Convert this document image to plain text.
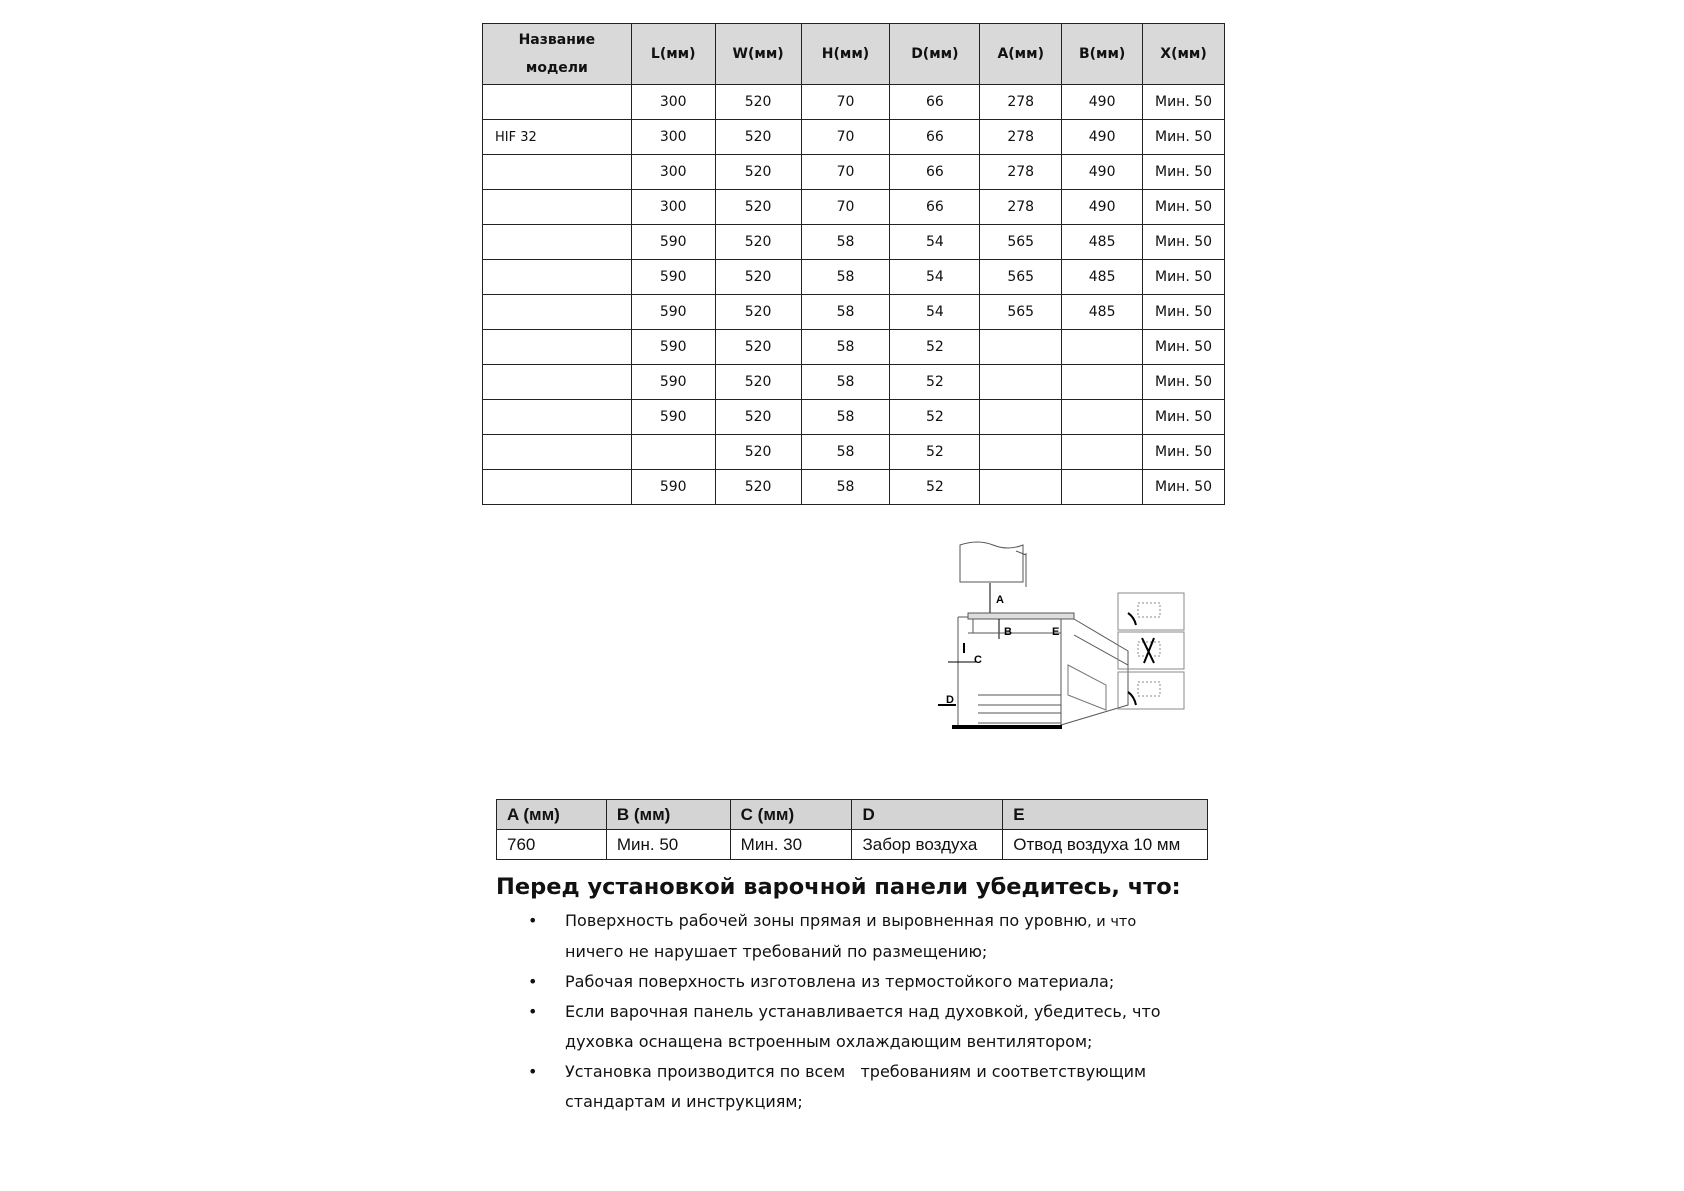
Название
модели	L(мм)	W(мм)	H(мм)	D(мм)	A(мм)	B(мм)	X(мм)
	300	520	70	66	278	490	Мин. 50
HIF 32	300	520	70	66	278	490	Мин. 50
	300	520	70	66	278	490	Мин. 50
	300	520	70	66	278	490	Мин. 50
	590	520	58	54	565	485	Мин. 50
	590	520	58	54	565	485	Мин. 50
	590	520	58	54	565	485	Мин. 50
	590	520	58	52			Мин. 50
	590	520	58	52			Мин. 50
	590	520	58	52			Мин. 50
		520	58	52			Мин. 50
	590	520	58	52			Мин. 50
A
B
C
D
E
A (мм)	B (мм)	C (мм)	D	E
760	Мин. 50	Мин. 30	Забор воздуха	Отвод воздуха 10 мм
Перед установкой варочной панели убедитесь, что:
• Поверхность рабочей зоны прямая и выровненная по уровню, и что
ничего не нарушает требований по размещению;
• Рабочая поверхность изготовлена из термостойкого материала;
• Если варочная панель устанавливается над духовкой, убедитесь, что
духовка оснащена встроенным охлаждающим вентилятором;
• Установка производится по всем   требованиям и соответствующим
стандартам и инструкциям;
